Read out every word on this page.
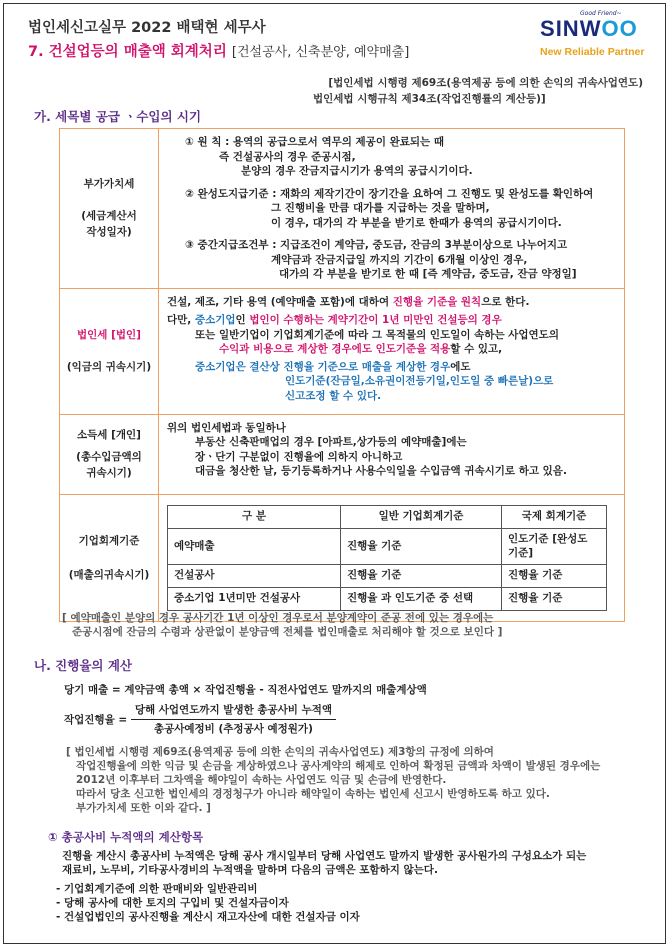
법인세신고실무 2022 배택현 세무사
7. 건설업등의 매출액 회계처리 [건설공사, 신축분양, 예약매출]
Good Friend~
SINWOO
New Reliable Partner
[법인세법 시행령 제69조(용역제공 등에 의한 손익의 귀속사업연도)
법인세법 시행규칙 제34조(작업진행률의 계산등)]
가. 세목별 공급 ㆍ수입의 시기
부가가치세
(세금계산서
작성일자)

① 원 칙 : 용역의 공급으로서 역무의 제공이 완료되는 때
즉 건설공사의 경우 준공시점,
분양의 경우 잔금지급시기가 용역의 공급시기이다.
② 완성도지급기준 : 재화의 제작기간이 장기간을 요하여 그 진행도 및 완성도를 확인하여
그 진행비율 만큼 대가를 지급하는 것을 말하며,
이 경우, 대가의 각 부분을 받기로 한때가 용역의 공급시기이다.
③ 중간지급조건부 : 지급조건이 계약금, 중도금, 잔금의 3부분이상으로 나누어지고
계약금과 잔금지급일 까지의 기간이 6개월 이상인 경우,
대가의 각 부분을 받기로 한 때 [즉 계약금, 중도금, 잔금 약정일]

법인세 [법인]
(익금의 귀속시기)

건설, 제조, 기타 용역 (예약매출 포함)에 대하여 진행율 기준을 원칙으로 한다.
다만, 중소기업인 법인이 수행하는 계약기간이 1년 미만인 건설등의 경우
또는 일반기업이 기업회계기준에 따라 그 목적물의 인도일이 속하는 사업연도의
수익과 비용으로 계상한 경우에도 인도기준을 적용할 수 있고,
중소기업은 결산상 진행율 기준으로 매출을 계상한 경우에도
인도기준(잔금일,소유권이전등기일,인도일 중 빠른날)으로
신고조정 할 수 있다.

소득세 [개인]
(총수입금액의
귀속시기)

위의 법인세법과 동일하나
부동산 신축판매업의 경우 [아파트,상가등의 예약매출]에는
장ㆍ단기 구분없이 진행율에 의하지 아니하고
대금을 청산한 날, 등기등록하거나 사용수익일을 수입금액 귀속시기로 하고 있음.

기업회계기준
(매출의귀속시기)

구 분	일반 기업회계기준	국제 회계기준
예약매출	진행율 기준	인도기준 [완성도 기준]
건설공사	진행율 기준	진행율 기준
중소기업 1년미만 건설공사	진행율 과 인도기준 중 선택	진행율 기준
[ 예약매출인 분양의 경우 공사기간 1년 이상인 경우로서 분양계약이 준공 전에 있는 경우에는
준공시점에 잔금의 수령과 상관없이 분양금액 전체를 법인매출로 처리해야 할 것으로 보인다 ]
나. 진행율의 계산
당기 매출 = 계약금액 총액 × 작업진행율 - 직전사업연도 말까지의 매출계상액
작업진행율 = $\frac{\text{당해 사업연도까지 발생한 총공사비 누적액}}{\text{총공사예정비 (추정공사 예정원가)}}$
[ 법인세법 시행령 제69조(용역제공 등에 의한 손익의 귀속사업연도) 제3항의 규정에 의하여
작업진행율에 의한 익금 및 손금을 계상하였으나 공사계약의 해제로 인하여 확정된 금액과 차액이 발생된 경우에는
2012년 이후부터 그차액을 해야일이 속하는 사업연도 익금 및 손금에 반영한다.
따라서 당초 신고한 법인세의 경정청구가 아니라 해약일이 속하는 법인세 신고시 반영하도록 하고 있다.
부가가치세 또한 이와 같다. ]
① 총공사비 누적액의 계산항목
진행율 계산시 총공사비 누적액은 당해 공사 개시일부터 당해 사업연도 말까지 발생한 공사원가의 구성요소가 되는
재료비, 노무비, 기타공사경비의 누적액을 말하며 다음의 금액은 포함하지 않는다.
- 기업회계기준에 의한 판매비와 일반관리비
- 당해 공사에 대한 토지의 구입비 및 건설자금이자
- 건설업법인의 공사진행율 계산시 재고자산에 대한 건설자금 이자
